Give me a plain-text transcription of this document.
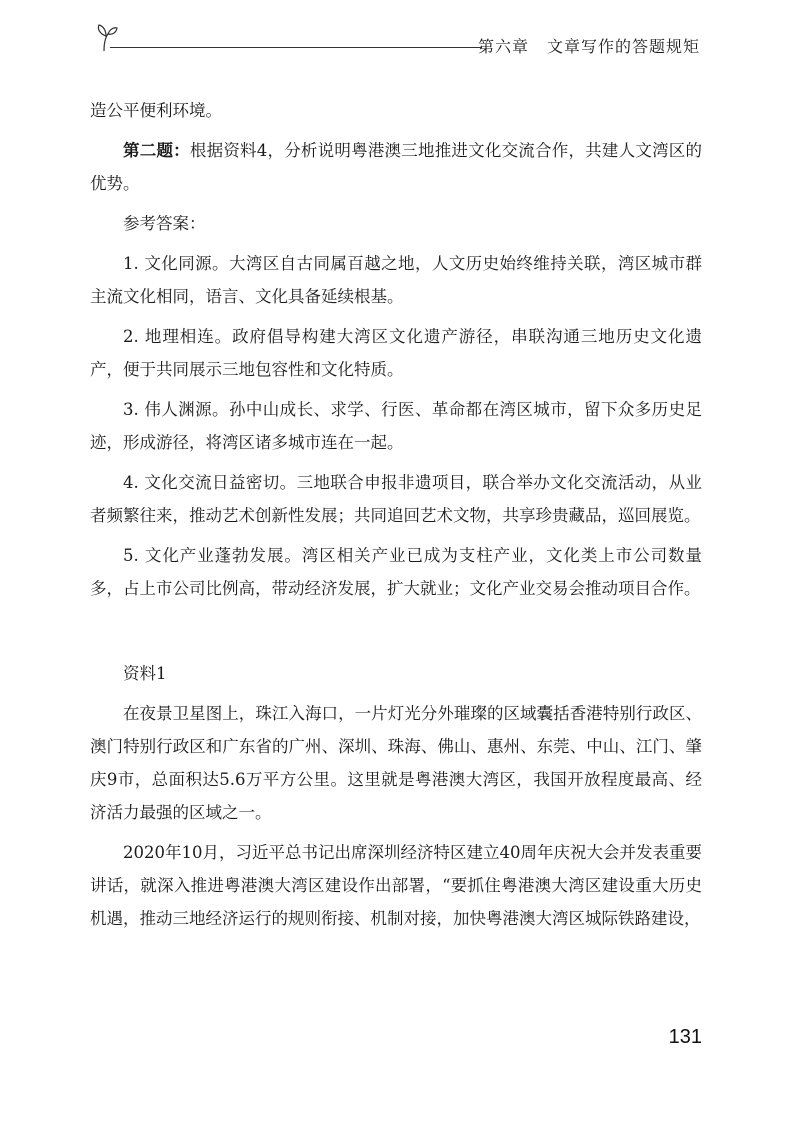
第六章 文章写作的答题规矩

造公平便利环境。

第二题：根据资料4，分析说明粤港澳三地推进文化交流合作，共建人文湾区的优势。

参考答案：

1. 文化同源。大湾区自古同属百越之地，人文历史始终维持关联，湾区城市群主流文化相同，语言、文化具备延续根基。

2. 地理相连。政府倡导构建大湾区文化遗产游径，串联沟通三地历史文化遗产，便于共同展示三地包容性和文化特质。

3. 伟人渊源。孙中山成长、求学、行医、革命都在湾区城市，留下众多历史足迹，形成游径，将湾区诸多城市连在一起。

4. 文化交流日益密切。三地联合申报非遗项目，联合举办文化交流活动，从业者频繁往来，推动艺术创新性发展；共同追回艺术文物，共享珍贵藏品，巡回展览。

5. 文化产业蓬勃发展。湾区相关产业已成为支柱产业，文化类上市公司数量多，占上市公司比例高，带动经济发展，扩大就业；文化产业交易会推动项目合作。

资料1

在夜景卫星图上，珠江入海口，一片灯光分外璀璨的区域囊括香港特别行政区、澳门特别行政区和广东省的广州、深圳、珠海、佛山、惠州、东莞、中山、江门、肇庆9市，总面积达5.6万平方公里。这里就是粤港澳大湾区，我国开放程度最高、经济活力最强的区域之一。

2020年10月，习近平总书记出席深圳经济特区建立40周年庆祝大会并发表重要讲话，就深入推进粤港澳大湾区建设作出部署，“要抓住粤港澳大湾区建设重大历史机遇，推动三地经济运行的规则衔接、机制对接，加快粤港澳大湾区城际铁路建设，

131
